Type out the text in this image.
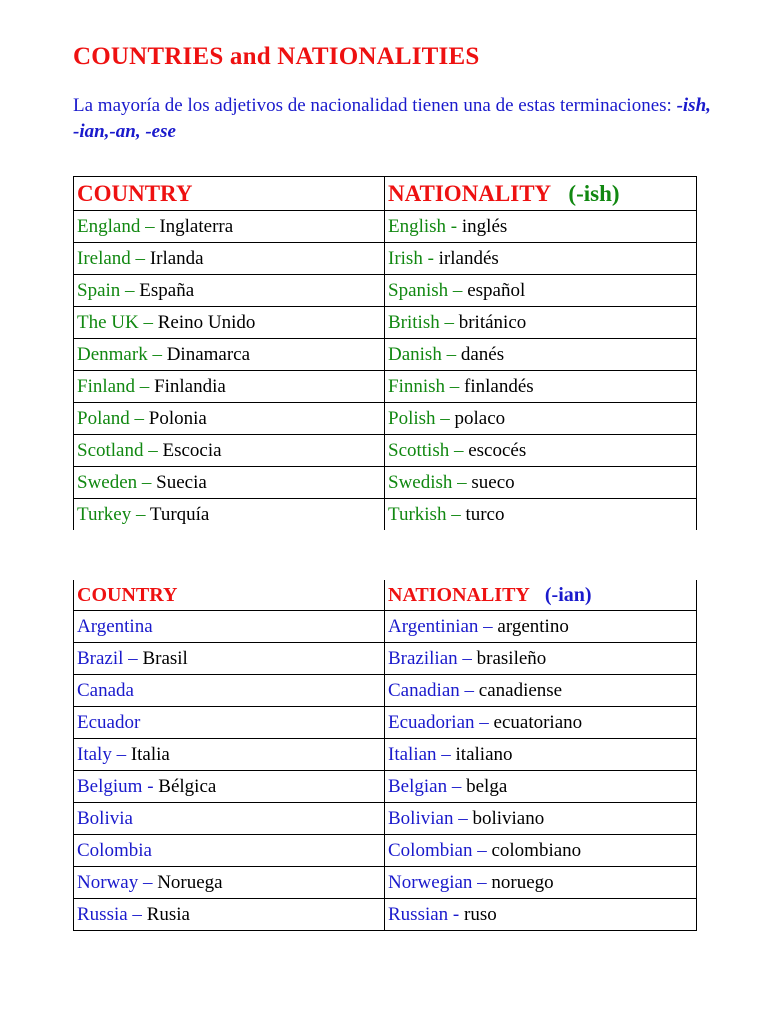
COUNTRIES and NATIONALITIES
La mayoría de los adjetivos de nacionalidad tienen una de estas terminaciones: -ish, -ian,-an, -ese
COUNTRY	NATIONALITY (-ish)
England – Inglaterra	English - inglés
Ireland – Irlanda	Irish - irlandés
Spain – España	Spanish – español
The UK – Reino Unido	British – británico
Denmark – Dinamarca	Danish – danés
Finland – Finlandia	Finnish – finlandés
Poland – Polonia	Polish – polaco
Scotland – Escocia	Scottish – escocés
Sweden – Suecia	Swedish – sueco
Turkey – Turquía	Turkish – turco
COUNTRY	NATIONALITY (-ian)
Argentina	Argentinian – argentino
Brazil – Brasil	Brazilian – brasileño
Canada	Canadian – canadiense
Ecuador	Ecuadorian – ecuatoriano
Italy – Italia	Italian – italiano
Belgium - Bélgica	Belgian – belga
Bolivia	Bolivian – boliviano
Colombia	Colombian – colombiano
Norway – Noruega	Norwegian – noruego
Russia – Rusia	Russian - ruso
